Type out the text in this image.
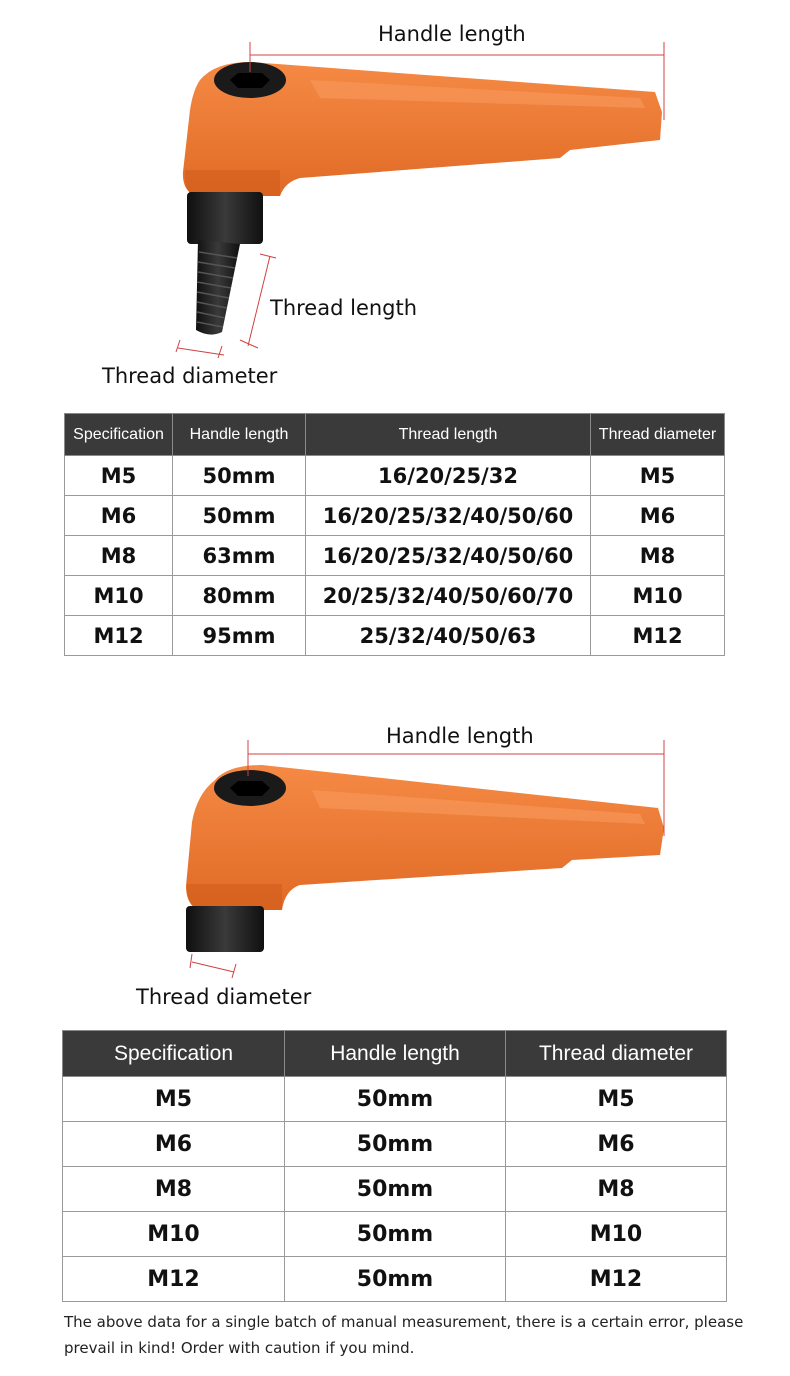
Handle length
Thread length
Thread diameter
Specification	Handle length	Thread length	Thread diameter
M5	50mm	16/20/25/32	M5
M6	50mm	16/20/25/32/40/50/60	M6
M8	63mm	16/20/25/32/40/50/60	M8
M10	80mm	20/25/32/40/50/60/70	M10
M12	95mm	25/32/40/50/63	M12
Handle length
Thread diameter
Specification	Handle length	Thread diameter
M5	50mm	M5
M6	50mm	M6
M8	50mm	M8
M10	50mm	M10
M12	50mm	M12
The above data for a single batch of manual measurement, there is a certain error, please
prevail in kind! Order with caution if you mind.
